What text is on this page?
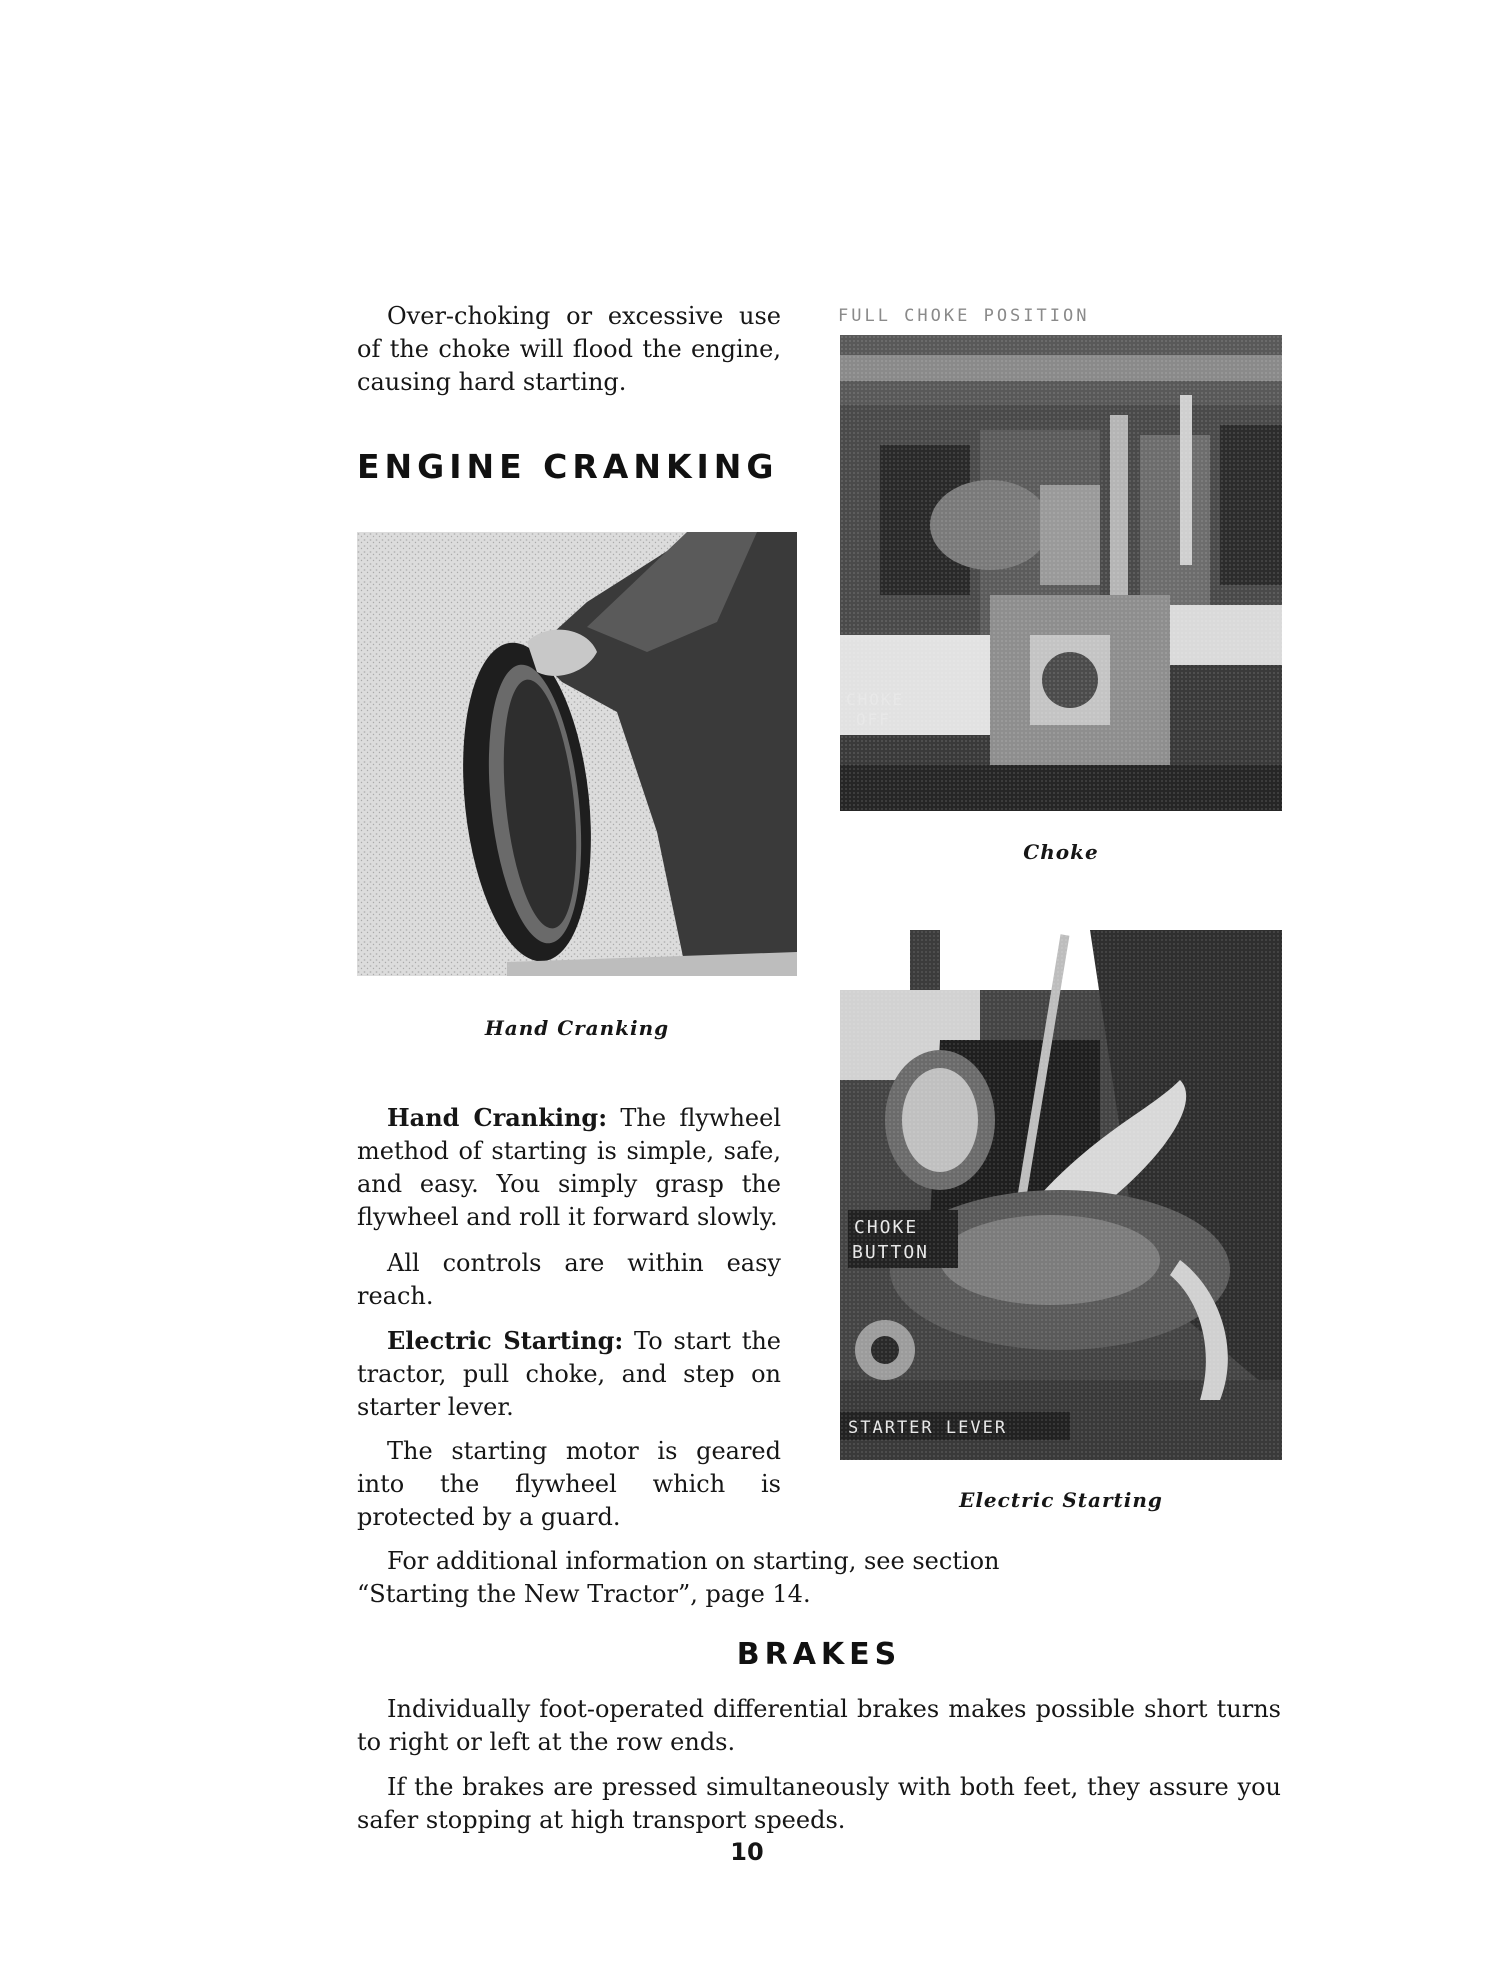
Over-choking or excessive use of the choke will flood the engine, causing hard starting.

ENGINE CRANKING

FULL CHOKE POSITION

CHOKE
OFF

Choke

Hand Cranking

Hand Cranking: The flywheel method of starting is simple, safe, and easy. You simply grasp the flywheel and roll it forward slowly.

All controls are within easy reach.

Electric Starting: To start the tractor, pull choke, and step on starter lever.

The starting motor is geared into the flywheel which is protected by a guard.

CHOKE
BUTTON
STARTER LEVER

Electric Starting

For additional information on starting, see section “Starting the New Tractor”, page 14.

BRAKES

Individually foot-operated differential brakes makes possible short turns to right or left at the row ends.

If the brakes are pressed simultaneously with both feet, they assure you safer stopping at high transport speeds.

10
